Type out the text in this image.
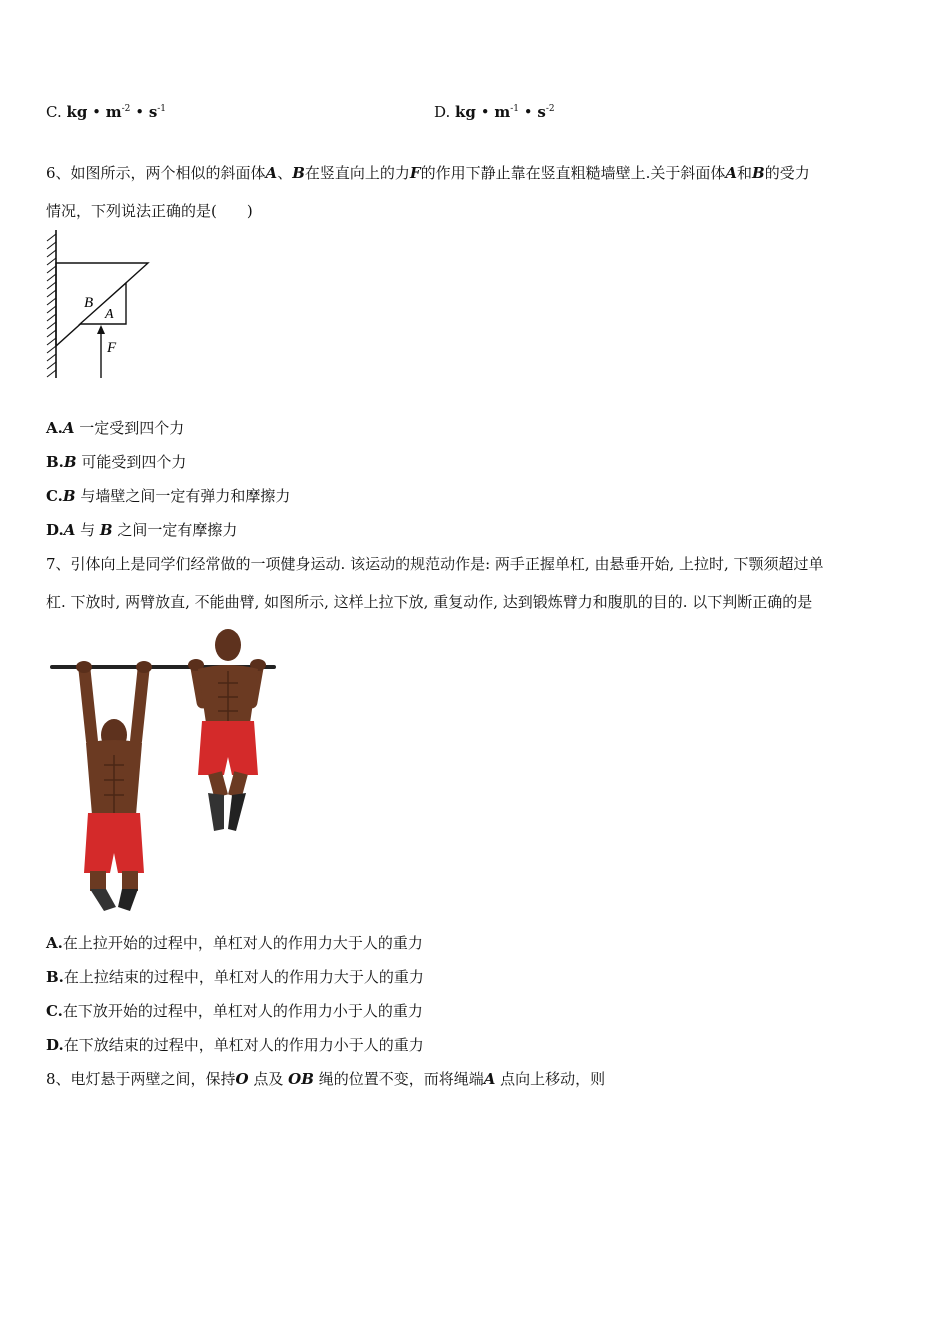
C. kg • $m^{-2}$ • $s^{-1}$	D. kg • $m^{-1}$ • $s^{-2}$
6、如图所示，两个相似的斜面体A、B在竖直向上的力F的作用下静止靠在竖直粗糙墙壁上.关于斜面体A和B的受力
情况，下列说法正确的是(　　)
B
A
F
A.A 一定受到四个力
B.B 可能受到四个力
C.B 与墙壁之间一定有弹力和摩擦力
D.A 与 B 之间一定有摩擦力
7、引体向上是同学们经常做的一项健身运动. 该运动的规范动作是: 两手正握单杠, 由悬垂开始, 上拉时, 下颚须超过单
杠. 下放时, 两臂放直, 不能曲臂, 如图所示, 这样上拉下放, 重复动作, 达到锻炼臂力和腹肌的目的. 以下判断正确的是
A.在上拉开始的过程中，单杠对人的作用力大于人的重力
B.在上拉结束的过程中，单杠对人的作用力大于人的重力
C.在下放开始的过程中，单杠对人的作用力小于人的重力
D.在下放结束的过程中，单杠对人的作用力小于人的重力
8、电灯悬于两壁之间，保持O 点及 OB 绳的位置不变，而将绳端A 点向上移动，则
